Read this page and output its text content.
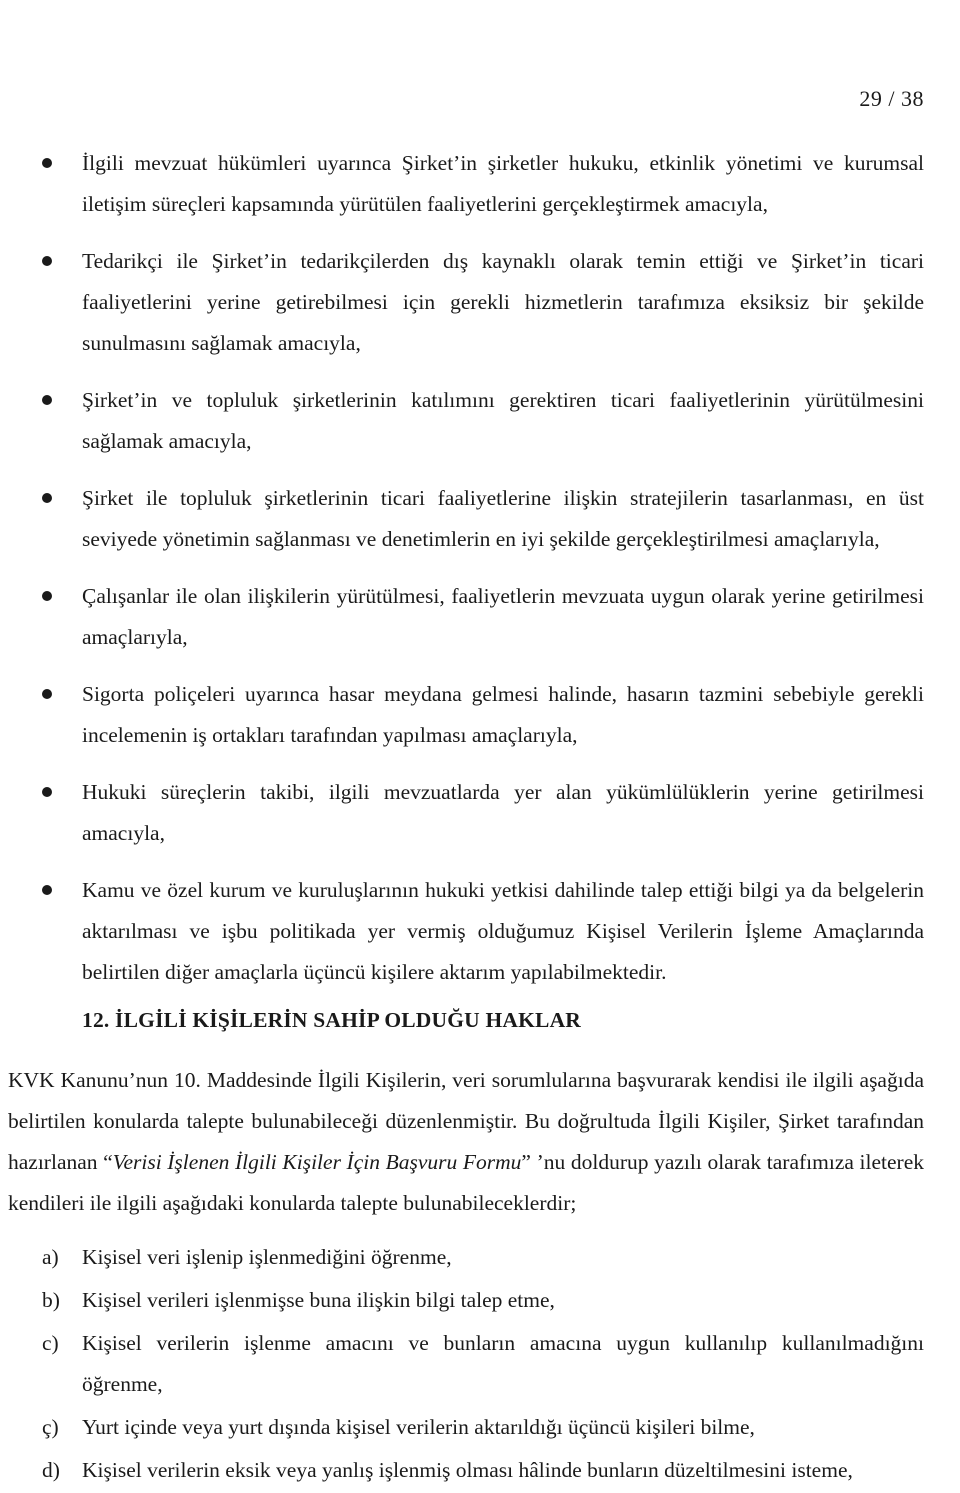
29 / 38
İlgili mevzuat hükümleri uyarınca Şirket’in şirketler hukuku, etkinlik yönetimi ve kurumsal iletişim süreçleri kapsamında yürütülen faaliyetlerini gerçekleştirmek amacıyla,
Tedarikçi ile Şirket’in tedarikçilerden dış kaynaklı olarak temin ettiği ve Şirket’in ticari faaliyetlerini yerine getirebilmesi için gerekli hizmetlerin tarafımıza eksiksiz bir şekilde sunulmasını sağlamak amacıyla,
Şirket’in ve topluluk şirketlerinin katılımını gerektiren ticari faaliyetlerinin yürütülmesini sağlamak amacıyla,
Şirket ile topluluk şirketlerinin ticari faaliyetlerine ilişkin stratejilerin tasarlanması, en üst seviyede yönetimin sağlanması ve denetimlerin en iyi şekilde gerçekleştirilmesi amaçlarıyla,
Çalışanlar ile olan ilişkilerin yürütülmesi, faaliyetlerin mevzuata uygun olarak yerine getirilmesi amaçlarıyla,
Sigorta poliçeleri uyarınca hasar meydana gelmesi halinde, hasarın tazmini sebebiyle gerekli incelemenin iş ortakları tarafından yapılması amaçlarıyla,
Hukuki süreçlerin takibi, ilgili mevzuatlarda yer alan yükümlülüklerin yerine getirilmesi amacıyla,
Kamu ve özel kurum ve kuruluşlarının hukuki yetkisi dahilinde talep ettiği bilgi ya da belgelerin aktarılması ve işbu politikada yer vermiş olduğumuz Kişisel Verilerin İşleme Amaçlarında belirtilen diğer amaçlarla üçüncü kişilere aktarım yapılabilmektedir.
12. İLGİLİ KİŞİLERİN SAHİP OLDUĞU HAKLAR
KVK Kanunu’nun 10. Maddesinde İlgili Kişilerin, veri sorumlularına başvurarak kendisi ile ilgili aşağıda belirtilen konularda talepte bulunabileceği düzenlenmiştir. Bu doğrultuda İlgili Kişiler, Şirket tarafından hazırlanan “Verisi İşlenen İlgili Kişiler İçin Başvuru Formu” ’nu doldurup yazılı olarak tarafımıza ileterek kendileri ile ilgili aşağıdaki konularda talepte bulunabileceklerdir;
a) Kişisel veri işlenip işlenmediğini öğrenme,
b) Kişisel verileri işlenmişse buna ilişkin bilgi talep etme,
c) Kişisel verilerin işlenme amacını ve bunların amacına uygun kullanılıp kullanılmadığını öğrenme,
ç) Yurt içinde veya yurt dışında kişisel verilerin aktarıldığı üçüncü kişileri bilme,
d) Kişisel verilerin eksik veya yanlış işlenmiş olması hâlinde bunların düzeltilmesini isteme,
